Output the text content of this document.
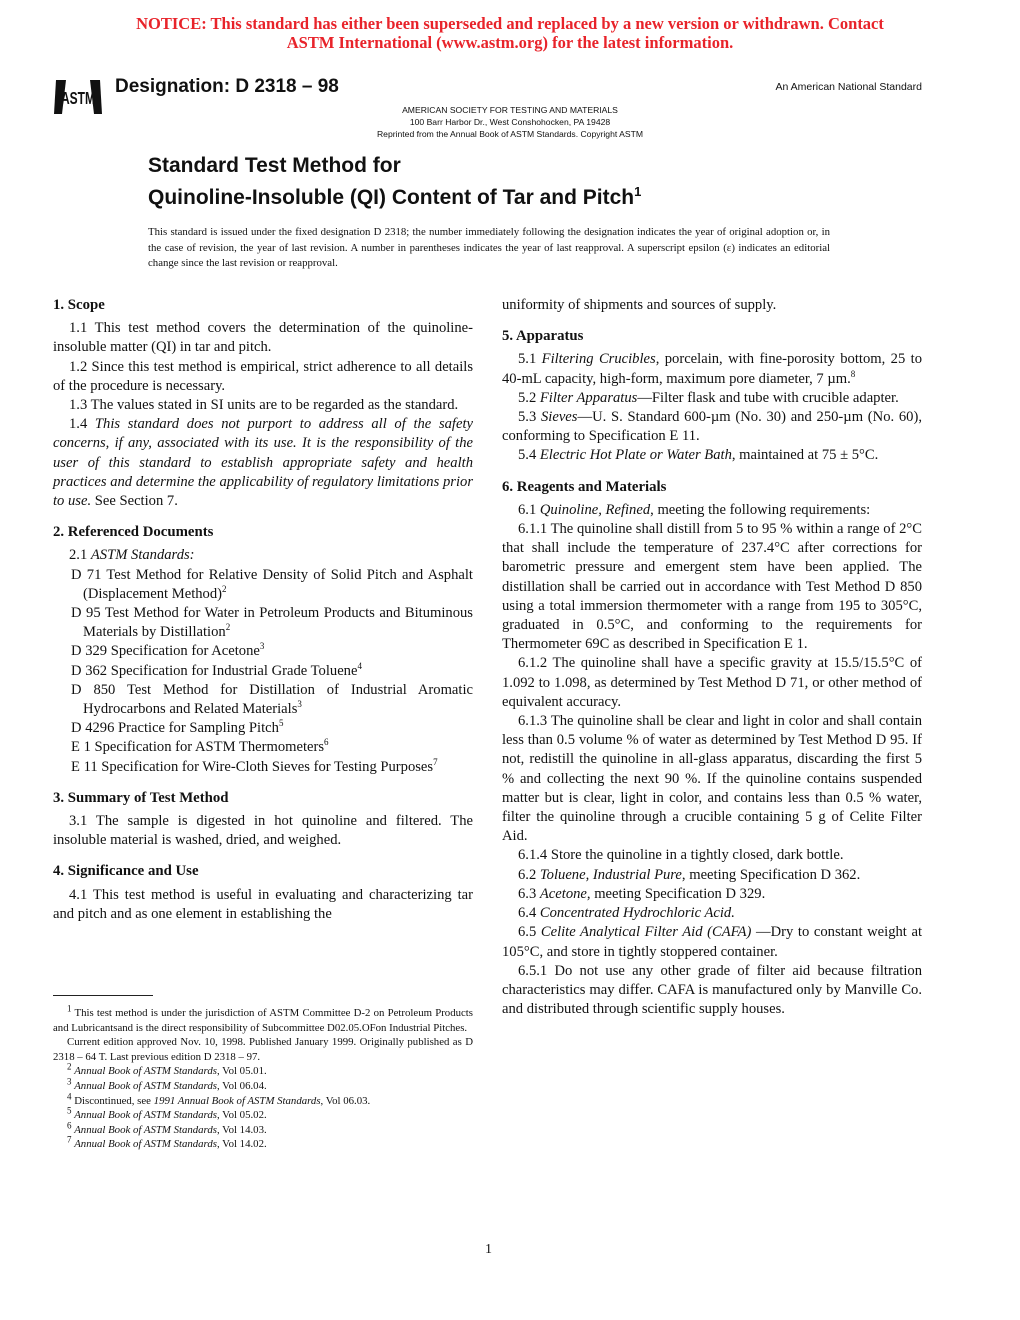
NOTICE: This standard has either been superseded and replaced by a new version or withdrawn. Contact
ASTM International (www.astm.org) for the latest information.
ASTM
Designation: D 2318 – 98	An American National Standard
AMERICAN SOCIETY FOR TESTING AND MATERIALS
100 Barr Harbor Dr., West Conshohocken, PA 19428
Reprinted from the Annual Book of ASTM Standards. Copyright ASTM
Standard Test Method for
Quinoline-Insoluble (QI) Content of Tar and Pitch$^1$
This standard is issued under the fixed designation D 2318; the number immediately following the designation indicates the year of original adoption or, in the case of revision, the year of last revision. A number in parentheses indicates the year of last reapproval. A superscript epsilon (ε) indicates an editorial change since the last revision or reapproval.
1. Scope

1.1 This test method covers the determination of the quinoline-insoluble matter (QI) in tar and pitch.

1.2 Since this test method is empirical, strict adherence to all details of the procedure is necessary.

1.3 The values stated in SI units are to be regarded as the standard.

1.4 This standard does not purport to address all of the safety concerns, if any, associated with its use. It is the responsibility of the user of this standard to establish appropriate safety and health practices and determine the applicability of regulatory limitations prior to use. See Section 7.

2. Referenced Documents

2.1 ASTM Standards:

D 71 Test Method for Relative Density of Solid Pitch and Asphalt (Displacement Method)$^2$
D 95 Test Method for Water in Petroleum Products and Bituminous Materials by Distillation$^2$
D 329 Specification for Acetone$^3$
D 362 Specification for Industrial Grade Toluene$^4$
D 850 Test Method for Distillation of Industrial Aromatic Hydrocarbons and Related Materials$^3$
D 4296 Practice for Sampling Pitch$^5$
E 1 Specification for ASTM Thermometers$^6$
E 11 Specification for Wire-Cloth Sieves for Testing Purposes$^7$
3. Summary of Test Method

3.1 The sample is digested in hot quinoline and filtered. The insoluble material is washed, dried, and weighed.

4. Significance and Use

4.1 This test method is useful in evaluating and characterizing tar and pitch and as one element in establishing the

uniformity of shipments and sources of supply.

5. Apparatus

5.1 Filtering Crucibles, porcelain, with fine-porosity bottom, 25 to 40-mL capacity, high-form, maximum pore diameter, 7 µm.$^8$

5.2 Filter Apparatus—Filter flask and tube with crucible adapter.

5.3 Sieves—U. S. Standard 600-µm (No. 30) and 250-µm (No. 60), conforming to Specification E 11.

5.4 Electric Hot Plate or Water Bath, maintained at 75 ± 5°C.

6. Reagents and Materials

6.1 Quinoline, Refined, meeting the following requirements:

6.1.1 The quinoline shall distill from 5 to 95 % within a range of 2°C that shall include the temperature of 237.4°C after corrections for barometric pressure and emergent stem have been applied. The distillation shall be carried out in accordance with Test Method D 850 using a total immersion thermometer with a range from 195 to 305°C, graduated in 0.5°C, and conforming to the requirements for Thermometer 69C as described in Specification E 1.

6.1.2 The quinoline shall have a specific gravity at 15.5/15.5°C of 1.092 to 1.098, as determined by Test Method D 71, or other method of equivalent accuracy.

6.1.3 The quinoline shall be clear and light in color and shall contain less than 0.5 volume % of water as determined by Test Method D 95. If not, redistill the quinoline in all-glass apparatus, discarding the first 5 % and collecting the next 90 %. If the quinoline contains suspended matter but is clear, light in color, and contains less than 0.5 % water, filter the quinoline through a crucible containing 5 g of Celite Filter Aid.

6.1.4 Store the quinoline in a tightly closed, dark bottle.

6.2 Toluene, Industrial Pure, meeting Specification D 362.

6.3 Acetone, meeting Specification D 329.

6.4 Concentrated Hydrochloric Acid.

6.5 Celite Analytical Filter Aid (CAFA) —Dry to constant weight at 105°C, and store in tightly stoppered container.

6.5.1 Do not use any other grade of filter aid because filtration characteristics may differ. CAFA is manufactured only by Manville Co. and distributed through scientific supply houses.

$^1$ This test method is under the jurisdiction of ASTM Committee D-2 on Petroleum Products and Lubricantsand is the direct responsibility of Subcommittee D02.05.OFon Industrial Pitches.

Current edition approved Nov. 10, 1998. Published January 1999. Originally published as D 2318 – 64 T. Last previous edition D 2318 – 97.

$^2$ Annual Book of ASTM Standards, Vol 05.01.

$^3$ Annual Book of ASTM Standards, Vol 06.04.

$^4$ Discontinued, see 1991 Annual Book of ASTM Standards, Vol 06.03.

$^5$ Annual Book of ASTM Standards, Vol 05.02.

$^6$ Annual Book of ASTM Standards, Vol 14.03.

$^7$ Annual Book of ASTM Standards, Vol 14.02.

1
